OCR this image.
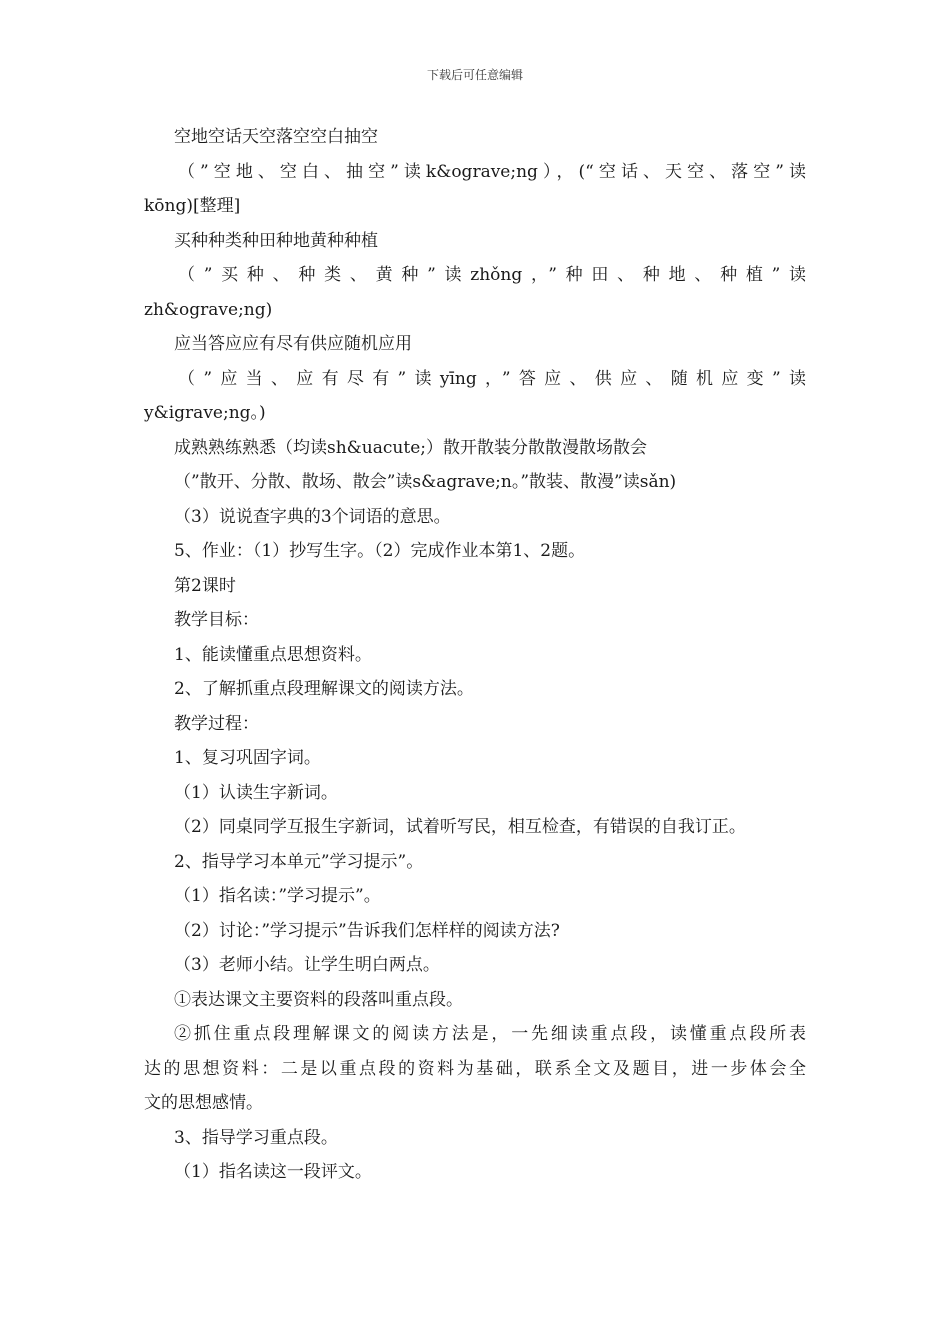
下载后可任意编辑

空地空话天空落空空白抽空

（”空地、空白、抽空”读k&ograve;ng），(“空话、天空、落空”读

kōng)[整理]

买种种类种田种地黄种种植

（”买种、种类、黄种”读zhǒng，”种田、种地、种植”读

zh&ograve;ng)

应当答应应有尽有供应随机应用

（”应当、应有尽有”读yīng，”答应、供应、随机应变”读

y&igrave;ng。)

成熟熟练熟悉（均读sh&uacute;）散开散装分散散漫散场散会

（”散开、分散、散场、散会”读s&agrave;n。”散装、散漫”读sǎn)

（3）说说查字典的3个词语的意思。

5、作业：（1）抄写生字。（2）完成作业本第1、2题。

第2课时

教学目标：

1、能读懂重点思想资料。

2、了解抓重点段理解课文的阅读方法。

教学过程：

1、复习巩固字词。

（1）认读生字新词。

（2）同桌同学互报生字新词，试着听写民，相互检查，有错误的自我订正。

2、指导学习本单元”学习提示”。

（1）指名读：”学习提示”。

（2）讨论：”学习提示”告诉我们怎样样的阅读方法?

（3）老师小结。让学生明白两点。

①表达课文主要资料的段落叫重点段。

②抓住重点段理解课文的阅读方法是，一先细读重点段，读懂重点段所表

达的思想资料：二是以重点段的资料为基础，联系全文及题目，进一步体会全

文的思想感情。

3、指导学习重点段。

（1）指名读这一段评文。
